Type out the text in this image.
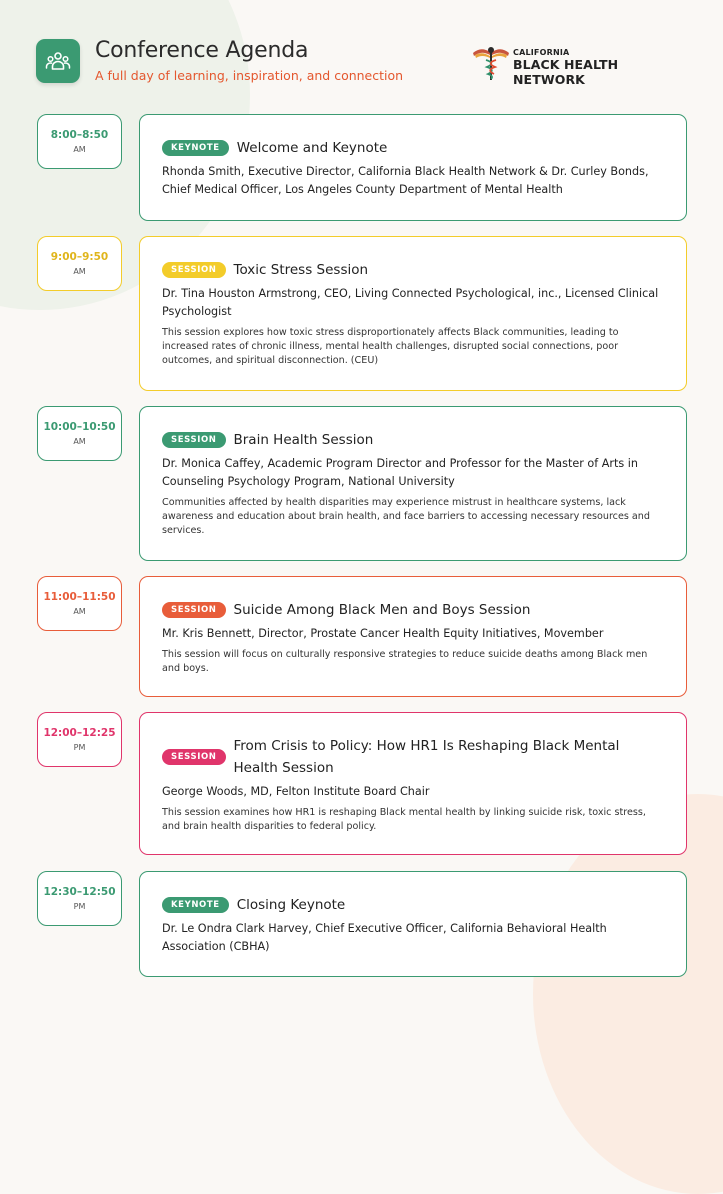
Conference Agenda
A full day of learning, inspiration, and connection
CALIFORNIA
BLACK HEALTH NETWORK
8:00–8:50
AM	KEYNOTE	Welcome and Keynote
Rhonda Smith, Executive Director, California Black Health Network & Dr. Curley Bonds, Chief Medical Officer, Los Angeles County Department of Mental Health
9:00–9:50
AM	SESSION	Toxic Stress Session
Dr. Tina Houston Armstrong, CEO, Living Connected Psychological, inc., Licensed Clinical Psychologist
This session explores how toxic stress disproportionately affects Black communities, leading to increased rates of chronic illness, mental health challenges, disrupted social connections, poor outcomes, and spiritual disconnection. (CEU)
10:00–10:50
AM	SESSION	Brain Health Session
Dr. Monica Caffey, Academic Program Director and Professor for the Master of Arts in Counseling Psychology Program, National University
Communities affected by health disparities may experience mistrust in healthcare systems, lack awareness and education about brain health, and face barriers to accessing necessary resources and services.
11:00–11:50
AM	SESSION	Suicide Among Black Men and Boys Session
Mr. Kris Bennett, Director, Prostate Cancer Health Equity Initiatives, Movember
This session will focus on culturally responsive strategies to reduce suicide deaths among Black men and boys.
12:00–12:25
PM
SESSION
From Crisis to Policy: How HR1 Is Reshaping Black Mental Health Session
George Woods, MD, Felton Institute Board Chair
This session examines how HR1 is reshaping Black mental health by linking suicide risk, toxic stress, and brain health disparities to federal policy.
12:30–12:50
PM	KEYNOTE	Closing Keynote
Dr. Le Ondra Clark Harvey, Chief Executive Officer, California Behavioral Health Association (CBHA)
